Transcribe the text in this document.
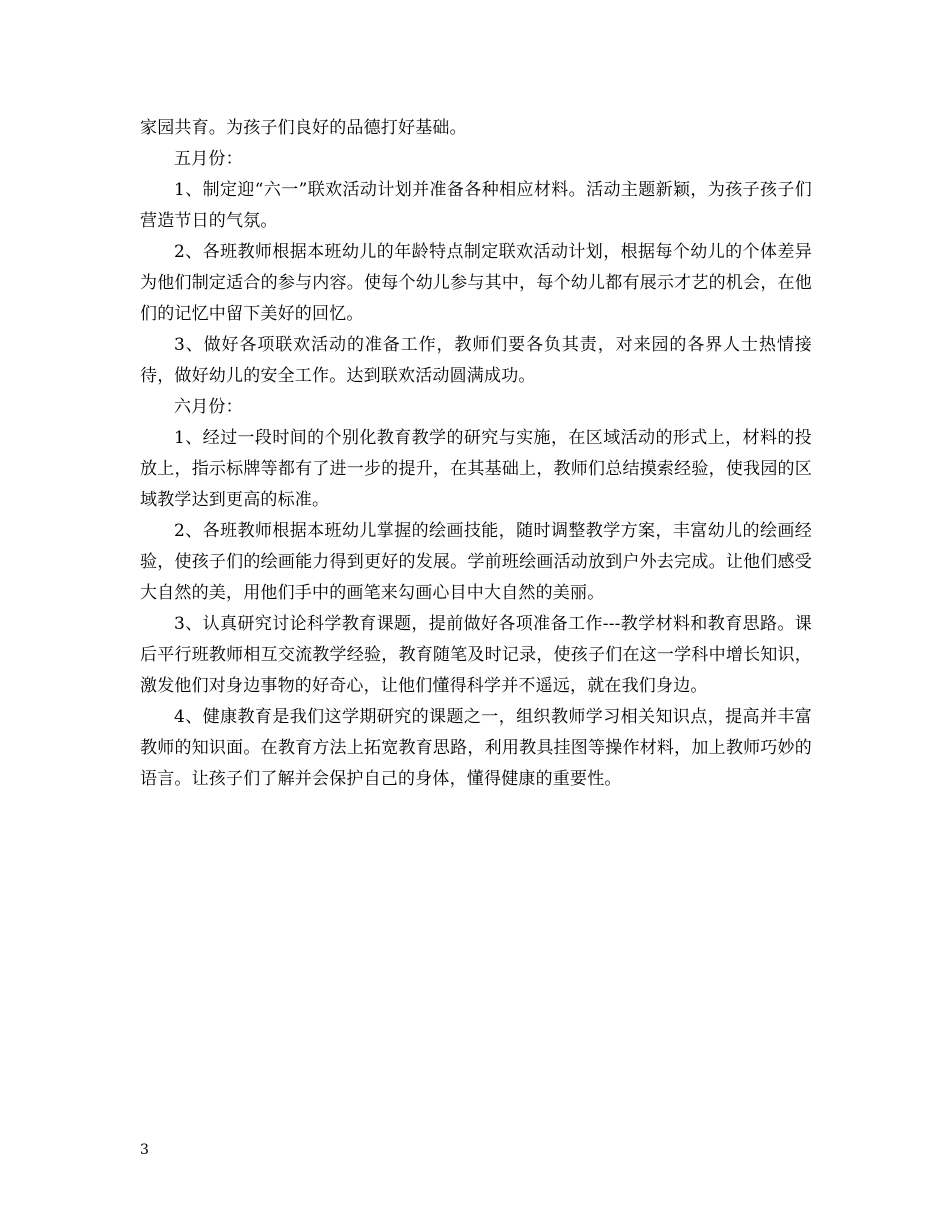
家园共育。为孩子们良好的品德打好基础。

五月份：

1、制定迎“六一”联欢活动计划并准备各种相应材料。活动主题新颖，为孩子孩子们营造节日的气氛。

2、各班教师根据本班幼儿的年龄特点制定联欢活动计划，根据每个幼儿的个体差异为他们制定适合的参与内容。使每个幼儿参与其中，每个幼儿都有展示才艺的机会，在他们的记忆中留下美好的回忆。

3、做好各项联欢活动的准备工作，教师们要各负其责，对来园的各界人士热情接待，做好幼儿的安全工作。达到联欢活动圆满成功。

六月份：

1、经过一段时间的个别化教育教学的研究与实施，在区域活动的形式上，材料的投放上，指示标牌等都有了进一步的提升，在其基础上，教师们总结摸索经验，使我园的区域教学达到更高的标准。

2、各班教师根据本班幼儿掌握的绘画技能，随时调整教学方案，丰富幼儿的绘画经验，使孩子们的绘画能力得到更好的发展。学前班绘画活动放到户外去完成。让他们感受大自然的美，用他们手中的画笔来勾画心目中大自然的美丽。

3、认真研究讨论科学教育课题，提前做好各项准备工作---教学材料和教育思路。课后平行班教师相互交流教学经验，教育随笔及时记录，使孩子们在这一学科中增长知识，激发他们对身边事物的好奇心，让他们懂得科学并不遥远，就在我们身边。

4、健康教育是我们这学期研究的课题之一，组织教师学习相关知识点，提高并丰富教师的知识面。在教育方法上拓宽教育思路，利用教具挂图等操作材料，加上教师巧妙的语言。让孩子们了解并会保护自己的身体，懂得健康的重要性。

3
